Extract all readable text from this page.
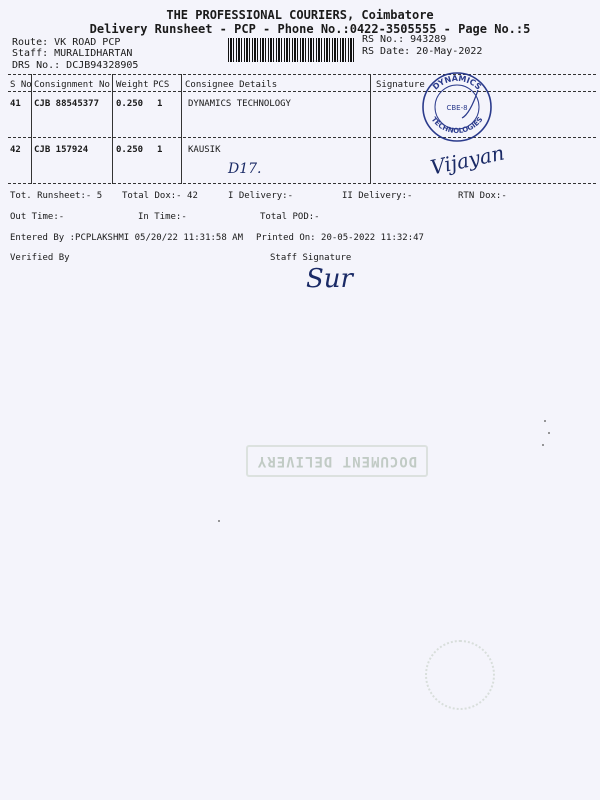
THE PROFESSIONAL COURIERS, Coimbatore
Delivery Runsheet - PCP - Phone No.:0422-3505555 - Page No.:5
Route: VK ROAD PCP
Staff: MURALIDHARTAN
DRS No.: DCJB94328905
RS No.: 943289
RS Date: 20-May-2022
S No Consignment No Weight PCS Consignee Details	Signature
41 CJB 88545377 0.250 1	DYNAMICS TECHNOLOGY
DYNAMICS
TECHNOLOGIES
CBE-8
42 CJB 157924	0.250 1	KAUSIK
D17.	Vijayan
Tot. Runsheet:- 5 Total Dox:- 42	I Delivery:-	II Delivery:-	RTN Dox:-
Out Time:-	In Time:-	Total POD:-
Entered By :PCPLAKSHMI 05/20/22 11:31:58 AM Printed On: 20-05-2022 11:32:47
Verified By	Staff Signature
Sur
DOCUMENT DELIVERY
